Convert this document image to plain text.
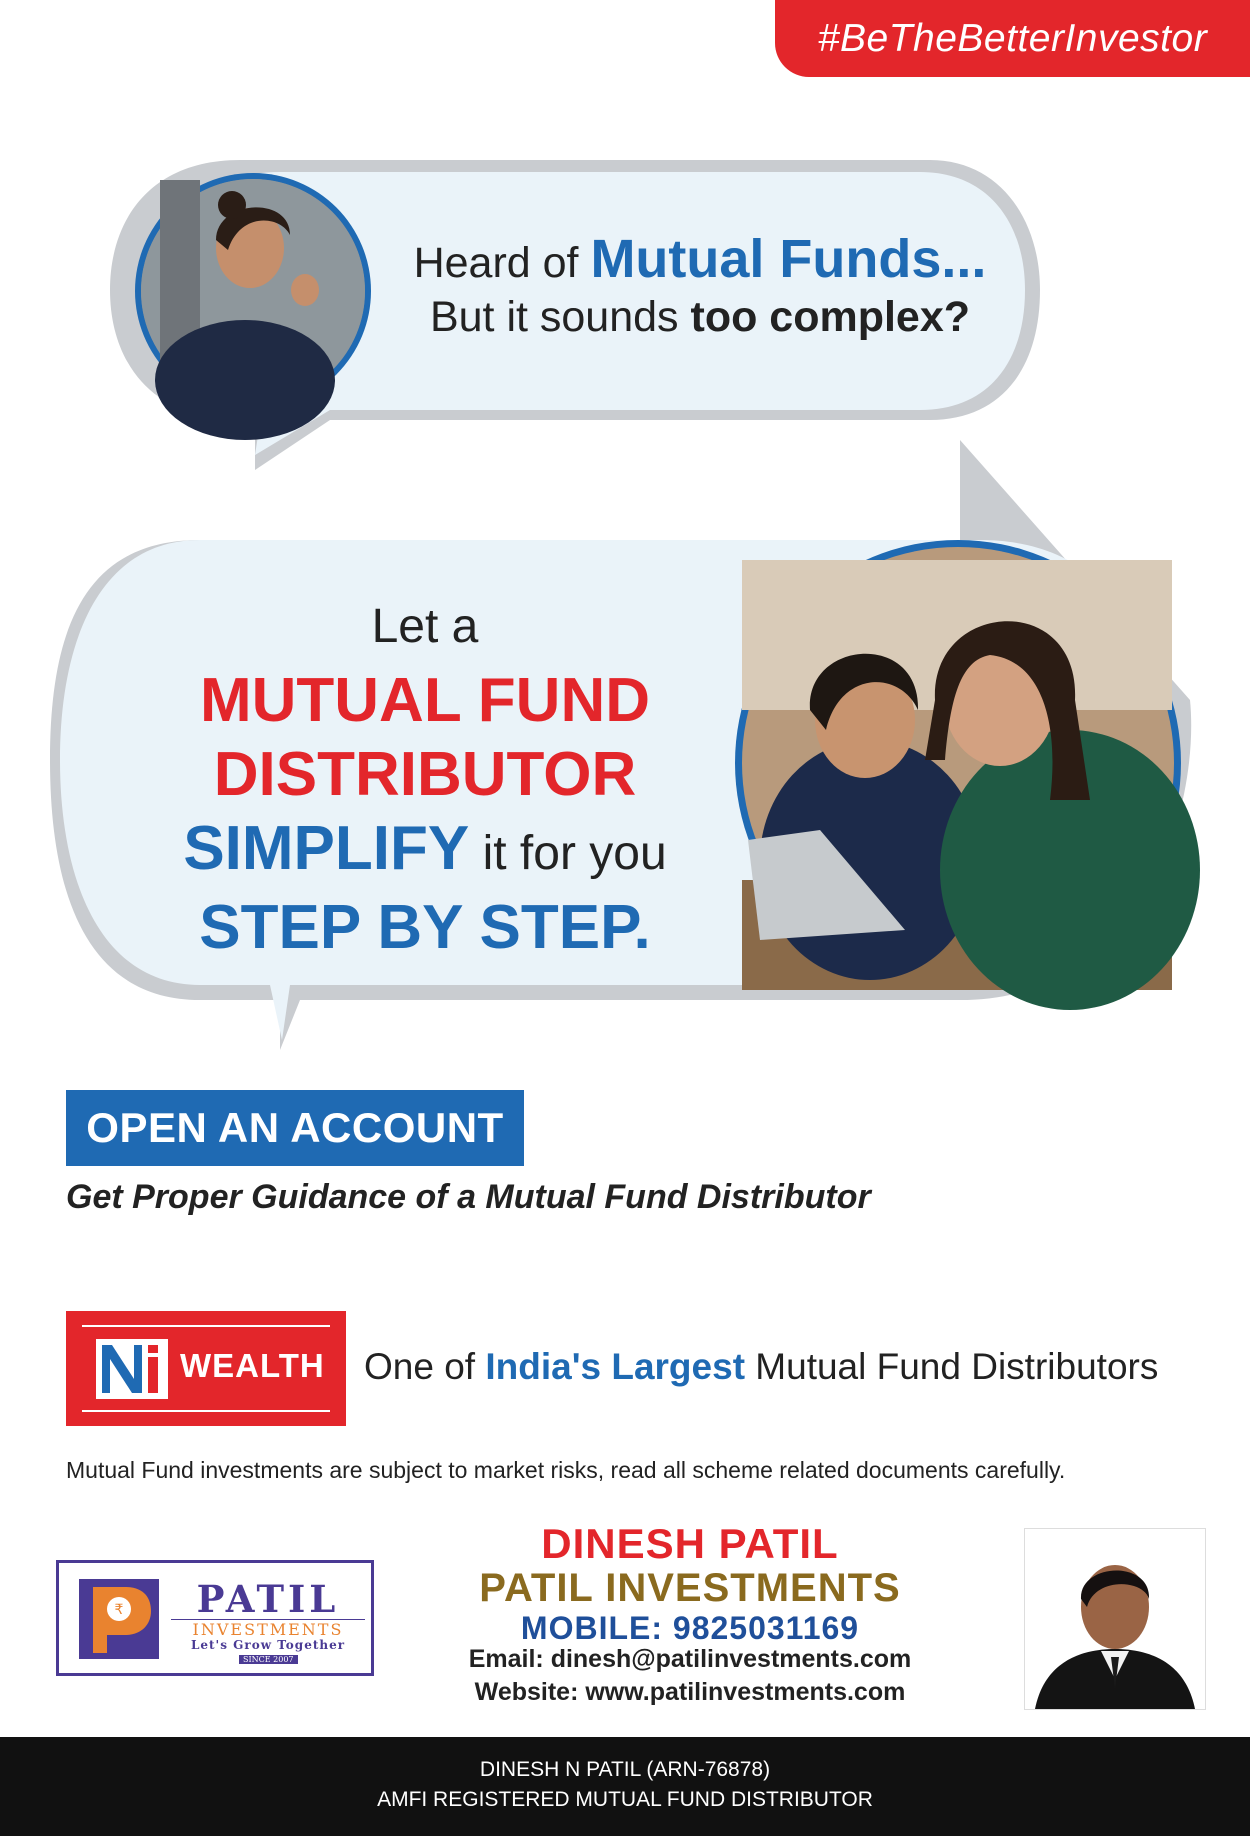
#BeTheBetterInvestor
Heard of Mutual Funds...
But it sounds too complex?
Let a
MUTUAL FUND
DISTRIBUTOR
SIMPLIFY it for you
STEP BY STEP.
OPEN AN ACCOUNT
Get Proper Guidance of a Mutual Fund Distributor
WEALTH One of India's Largest Mutual Fund Distributors
Mutual Fund investments are subject to market risks, read all scheme related documents carefully.
₹	PATIL
INVESTMENTS
Let's Grow Together
SINCE 2007
DINESH PATIL
PATIL INVESTMENTS
MOBILE: 9825031169
Email: dinesh@patilinvestments.com
Website: www.patilinvestments.com
DINESH N PATIL (ARN-76878)
AMFI REGISTERED MUTUAL FUND DISTRIBUTOR
